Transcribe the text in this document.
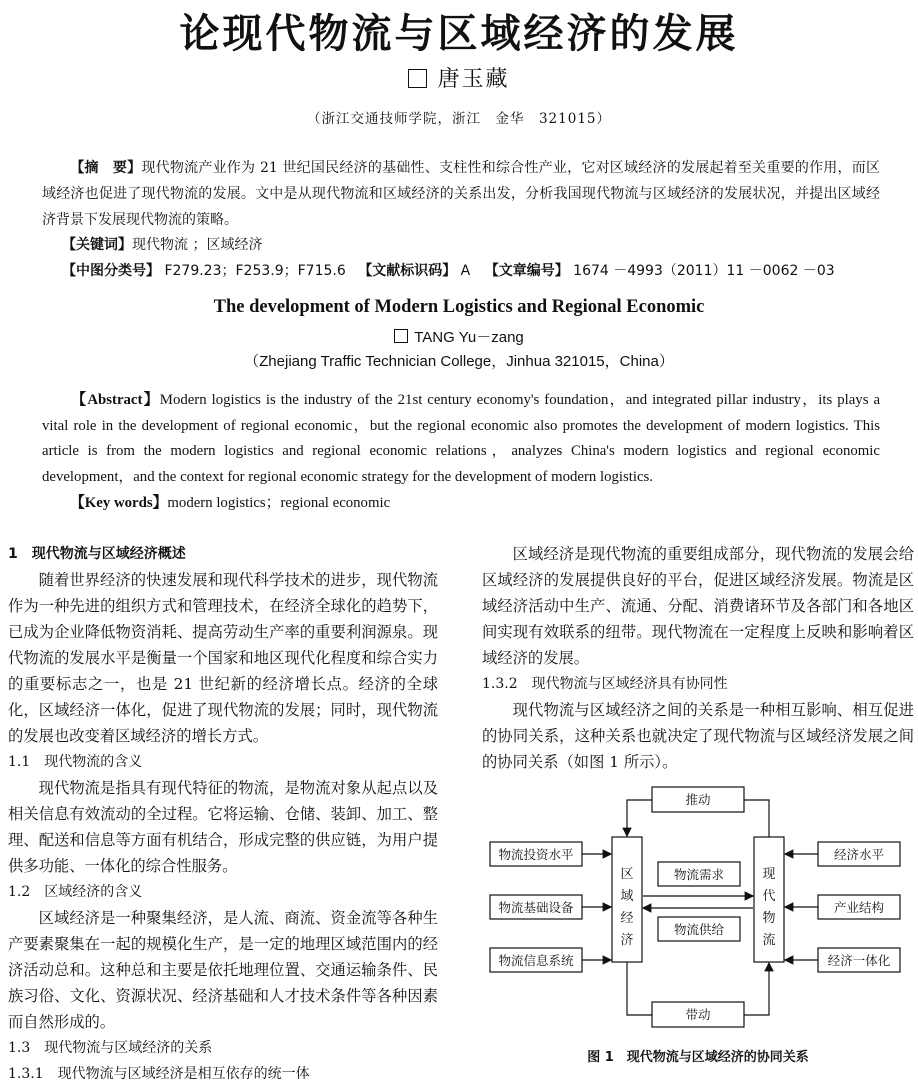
论现代物流与区域经济的发展
唐玉藏
（浙江交通技师学院，浙江　金华　321015）
【摘　要】现代物流产业作为 21 世纪国民经济的基础性、支柱性和综合性产业，它对区域经济的发展起着至关重要的作用，而区域经济也促进了现代物流的发展。文中是从现代物流和区域经济的关系出发，分析我国现代物流与区域经济的发展状况，并提出区域经济背景下发展现代物流的策略。
【关键词】现代物流 ；区域经济
【中图分类号】 F279.23；F253.9；F715.6 【文献标识码】 A 【文章编号】 1674 －4993（2011）11 －0062 －03
The development of Modern Logistics and Regional Economic
TANG Yu－zang
（Zhejiang Traffic Technician College，Jinhua 321015，China）
【Abstract】Modern logistics is the industry of the 21st century economy's foundation，and integrated pillar industry，its plays a vital role in the development of regional economic，but the regional economic also promotes the development of modern logistics. This article is from the modern logistics and regional economic relations，analyzes China's modern logistics and regional economic development，and the context for regional economic strategy for the development of modern logistics.
【Key words】modern logistics；regional economic

1　现代物流与区域经济概述

随着世界经济的快速发展和现代科学技术的进步，现代物流作为一种先进的组织方式和管理技术，在经济全球化的趋势下，已成为企业降低物资消耗、提高劳动生产率的重要利润源泉。现代物流的发展水平是衡量一个国家和地区现代化程度和综合实力的重要标志之一，也是 21 世纪新的经济增长点。经济的全球化，区域经济一体化，促进了现代物流的发展；同时，现代物流的发展也改变着区域经济的增长方式。

1.1　现代物流的含义

现代物流是指具有现代特征的物流，是物流对象从起点以及相关信息有效流动的全过程。它将运输、仓储、装卸、加工、整理、配送和信息等方面有机结合，形成完整的供应链，为用户提供多功能、一体化的综合性服务。

1.2　区域经济的含义

区域经济是一种聚集经济，是人流、商流、资金流等各种生产要素聚集在一起的规模化生产，是一定的地理区域范围内的经济活动总和。这种总和主要是依托地理位置、交通运输条件、民族习俗、文化、资源状况、经济基础和人才技术条件等各种因素而自然形成的。

1.3　现代物流与区域经济的关系

1.3.1　现代物流与区域经济是相互依存的统一体

区域经济是现代物流的重要组成部分，现代物流的发展会给区域经济的发展提供良好的平台，促进区域经济发展。物流是区域经济活动中生产、流通、分配、消费诸环节及各部门和各地区间实现有效联系的纽带。现代物流在一定程度上反映和影响着区域经济的发展。

1.3.2　现代物流与区域经济具有协同性

现代物流与区域经济之间的关系是一种相互影响、相互促进的协同关系，这种关系也就决定了现代物流与区域经济发展之间的协同关系（如图 1 所示）。

推动
带动
物流需求
物流供给
物流投资水平
物流基础设备
物流信息系统
经济水平
产业结构
经济一体化
区
域
经
济
现
代
物
流
图 1　现代物流与区域经济的协同关系
